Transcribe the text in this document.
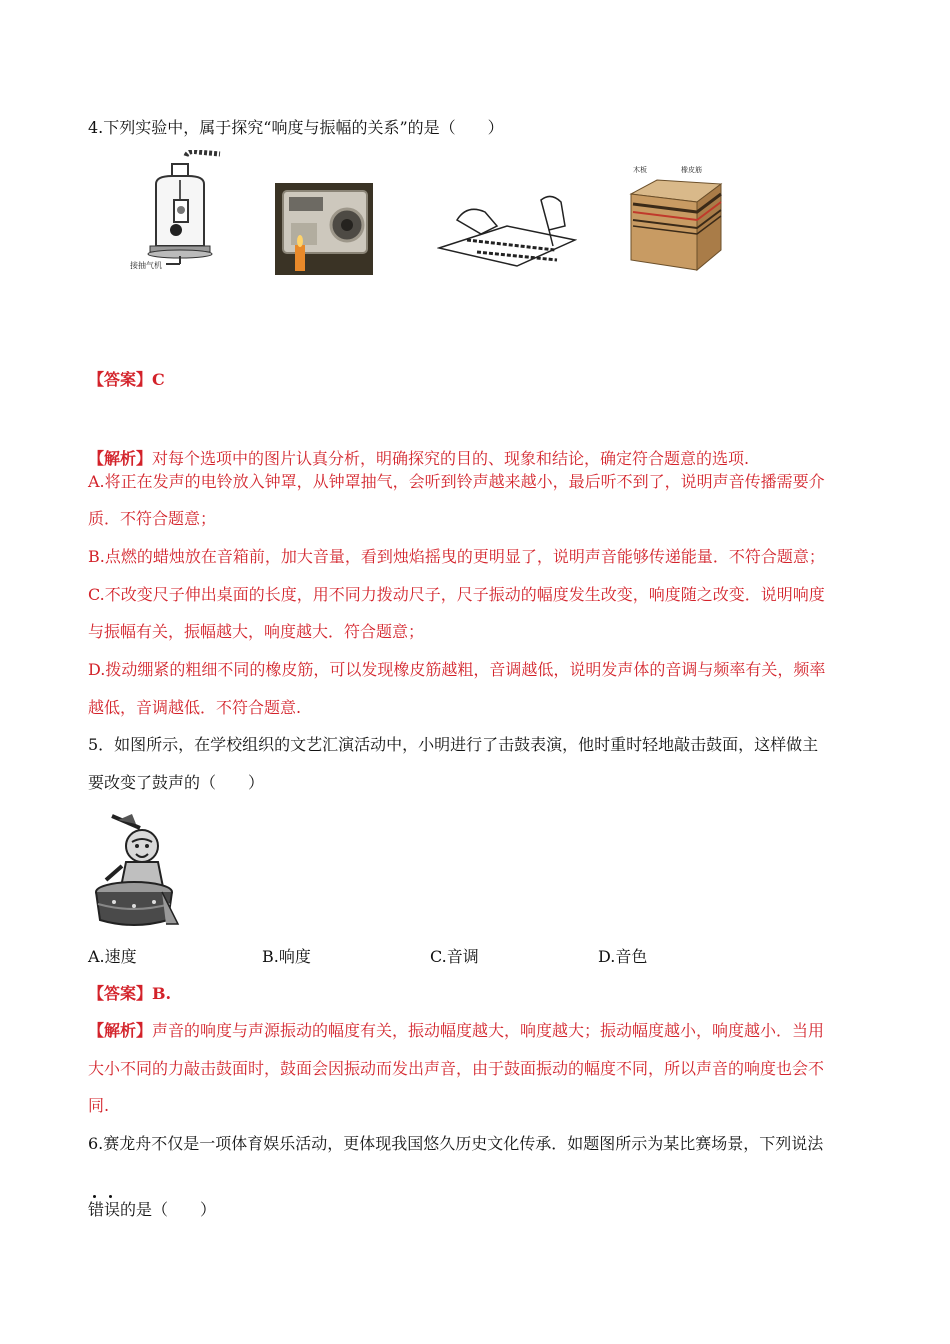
4.下列实验中，属于探究“响度与振幅的关系”的是（　　）
接抽气机
木板	橡皮筋
【答案】C
【解析】对每个选项中的图片认真分析，明确探究的目的、现象和结论，确定符合题意的选项.
A.将正在发声的电铃放入钟罩，从钟罩抽气，会听到铃声越来越小，最后听不到了，说明声音传播需要介
质．不符合题意；
B.点燃的蜡烛放在音箱前，加大音量，看到烛焰摇曳的更明显了，说明声音能够传递能量．不符合题意；
C.不改变尺子伸出桌面的长度，用不同力拨动尺子，尺子振动的幅度发生改变，响度随之改变．说明响度
与振幅有关，振幅越大，响度越大．符合题意；
D.拨动绷紧的粗细不同的橡皮筋，可以发现橡皮筋越粗，音调越低，说明发声体的音调与频率有关，频率
越低，音调越低．不符合题意.
5．如图所示，在学校组织的文艺汇演活动中，小明进行了击鼓表演，他时重时轻地敲击鼓面，这样做主
要改变了鼓声的（　　）
A.速度	B.响度	C.音调	D.音色
【答案】B.
【解析】声音的响度与声源振动的幅度有关，振动幅度越大，响度越大；振动幅度越小，响度越小．当用
大小不同的力敲击鼓面时，鼓面会因振动而发出声音，由于鼓面振动的幅度不同，所以声音的响度也会不
同.
6.赛龙舟不仅是一项体育娱乐活动，更体现我国悠久历史文化传承．如题图所示为某比赛场景，下列说法
错误的是（　　）
